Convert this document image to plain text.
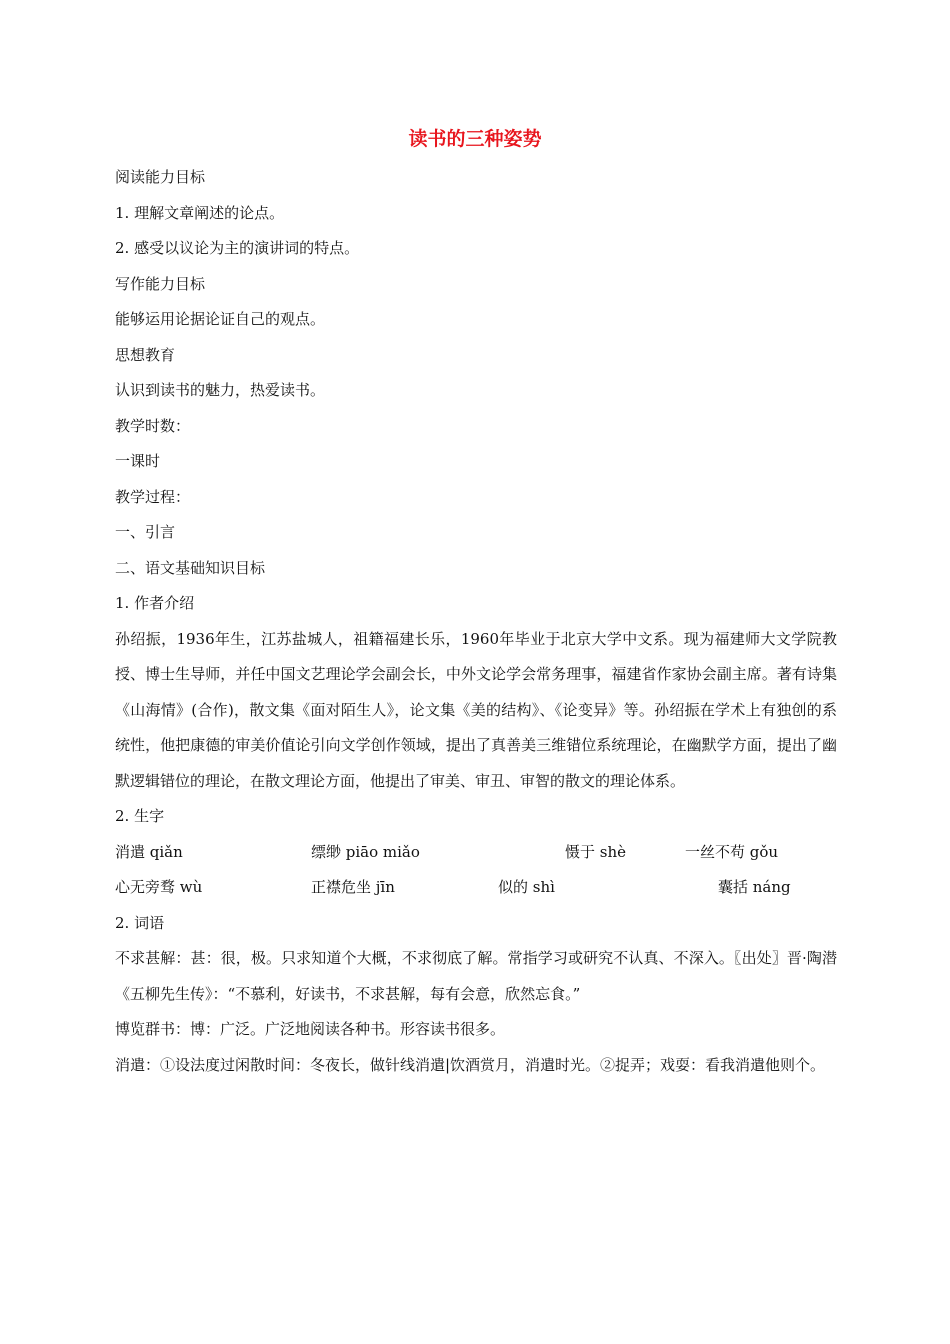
读书的三种姿势

阅读能力目标

1. 理解文章阐述的论点。

2. 感受以议论为主的演讲词的特点。

写作能力目标

能够运用论据论证自己的观点。

思想教育

认识到读书的魅力，热爱读书。

教学时数：

一课时

教学过程：

一、引言

二、语文基础知识目标

1. 作者介绍

孙绍振，1936年生，江苏盐城人，祖籍福建长乐，1960年毕业于北京大学中文系。现为福建师大文学院教授、博士生导师，并任中国文艺理论学会副会长，中外文论学会常务理事，福建省作家协会副主席。著有诗集《山海情》(合作)，散文集《面对陌生人》，论文集《美的结构》、《论变异》等。孙绍振在学术上有独创的系统性，他把康德的审美价值论引向文学创作领域，提出了真善美三维错位系统理论，在幽默学方面，提出了幽默逻辑错位的理论，在散文理论方面，他提出了审美、审丑、审智的散文的理论体系。

2. 生字

消遣 qiǎn	缥缈 piāo miǎo	慑于 shè	一丝不苟 gǒu
心无旁骛 wù	正襟危坐 jīn	似的 shì	囊括 náng

2. 词语

不求甚解：甚：很，极。只求知道个大概，不求彻底了解。常指学习或研究不认真、不深入。〖出处〗晋·陶潜《五柳先生传》：“不慕利，好读书，不求甚解，每有会意，欣然忘食。”

博览群书：博：广泛。广泛地阅读各种书。形容读书很多。

消遣：①设法度过闲散时间：冬夜长，做针线消遣|饮酒赏月，消遣时光。②捉弄；戏耍：看我消遣他则个。
